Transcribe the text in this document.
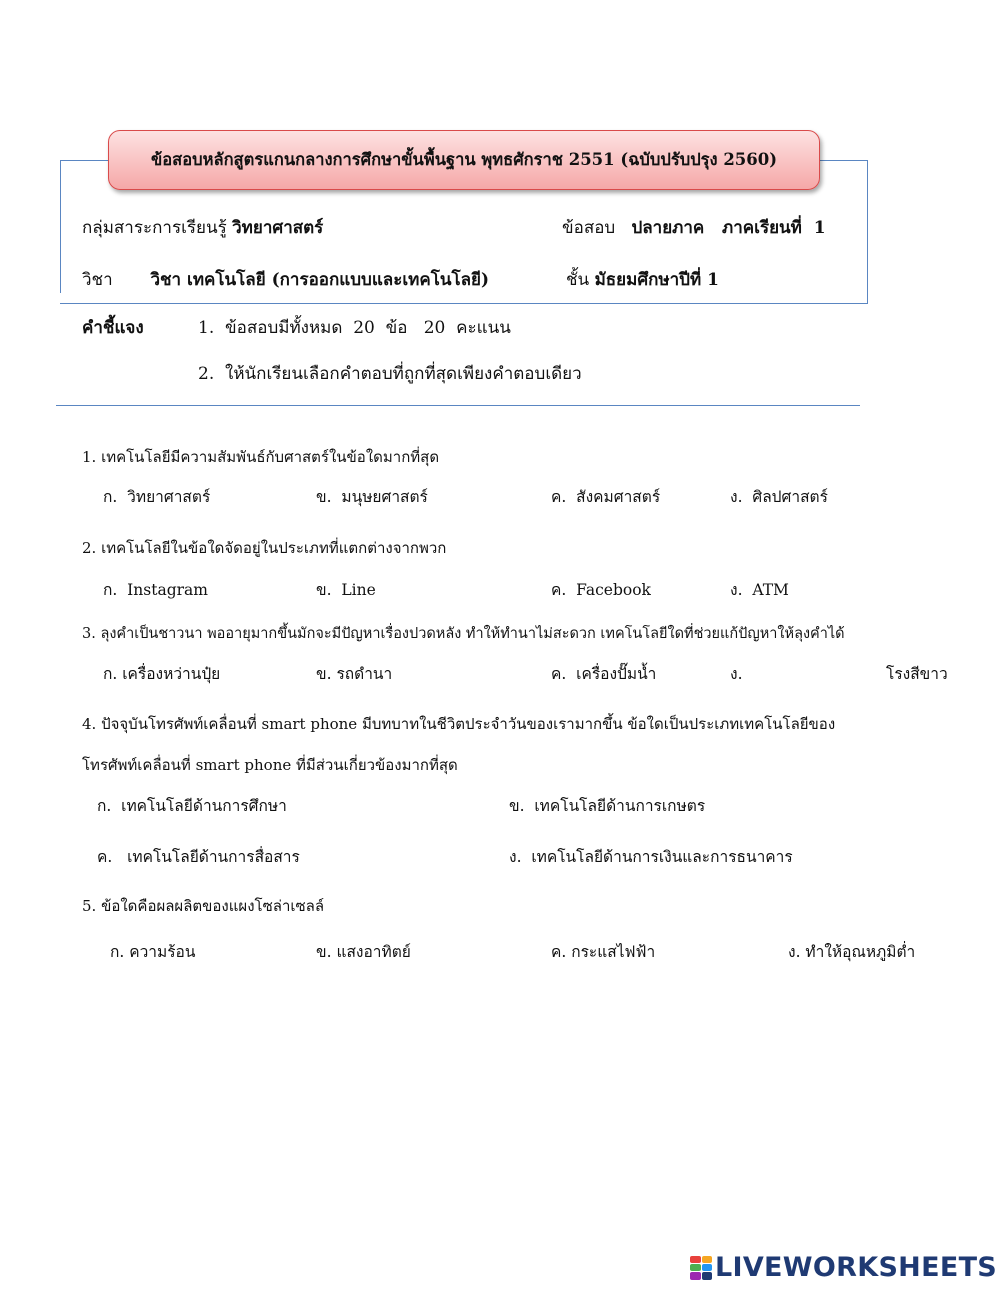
ข้อสอบหลักสูตรแกนกลางการศึกษาขั้นพื้นฐาน พุทธศักราช 2551 (ฉบับปรับปรุง 2560)
กลุ่มสาระการเรียนรู้ วิทยาศาสตร์	ข้อสอบ ปลายภาค   ภาคเรียนที่  1
วิชา วิชา เทคโนโลยี (การออกแบบและเทคโนโลยี)	ชั้น มัธยมศึกษาปีที่ 1
คำชี้แจง	1.  ข้อสอบมีทั้งหมด  20  ข้อ   20  คะแนน
2.  ให้นักเรียนเลือกคำตอบที่ถูกที่สุดเพียงคำตอบเดียว
1. เทคโนโลยีมีความสัมพันธ์กับศาสตร์ในข้อใดมากที่สุด
ก.  วิทยาศาสตร์	ข.  มนุษยศาสตร์	ค.  สังคมศาสตร์	ง.  ศิลปศาสตร์
2. เทคโนโลยีในข้อใดจัดอยู่ในประเภทที่แตกต่างจากพวก
ก.  Instagram	ข.  Line	ค.  Facebook	ง.  ATM
3. ลุงคำเป็นชาวนา พออายุมากขึ้นมักจะมีปัญหาเรื่องปวดหลัง ทำให้ทำนาไม่สะดวก เทคโนโลยีใดที่ช่วยแก้ปัญหาให้ลุงคำได้
ก. เครื่องหว่านปุ๋ย	ข. รถดำนา	ค.  เครื่องปั๊มน้ำ	ง.	โรงสีขาว
4. ปัจจุบันโทรศัพท์เคลื่อนที่ smart phone มีบทบาทในชีวิตประจำวันของเรามากขึ้น ข้อใดเป็นประเภทเทคโนโลยีของ
โทรศัพท์เคลื่อนที่ smart phone ที่มีส่วนเกี่ยวข้องมากที่สุด
ก.  เทคโนโลยีด้านการศึกษา	ข.  เทคโนโลยีด้านการเกษตร
ค.   เทคโนโลยีด้านการสื่อสาร	ง.  เทคโนโลยีด้านการเงินและการธนาคาร
5. ข้อใดคือผลผลิตของแผงโซล่าเซลล์
ก. ความร้อน	ข. แสงอาทิตย์	ค. กระแสไฟฟ้า	ง. ทำให้อุณหภูมิต่ำ
LIVEWORKSHEETS
